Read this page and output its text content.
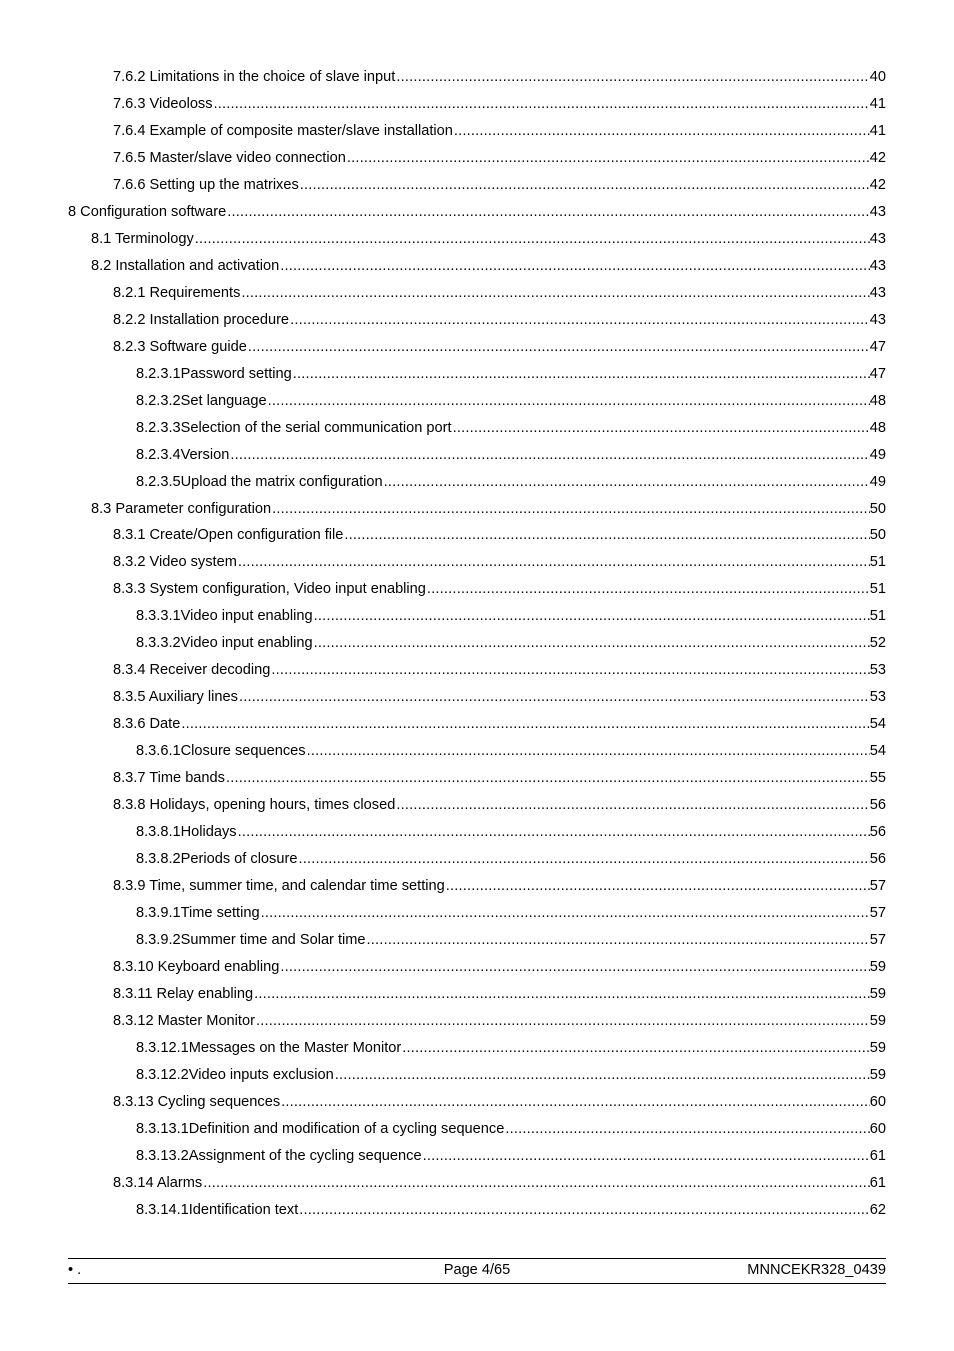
7.6.2 Limitations in the choice of slave input .....	40
7.6.3 Videoloss .....	41
7.6.4 Example of composite master/slave installation .....	41
7.6.5 Master/slave video connection .....	42
7.6.6 Setting up the matrixes .....	42
8 Configuration software .....	43
8.1 Terminology .....	43
8.2 Installation and activation .....	43
8.2.1 Requirements .....	43
8.2.2 Installation procedure .....	43
8.2.3 Software guide .....	47
8.2.3.1Password setting .....	47
8.2.3.2Set language .....	48
8.2.3.3Selection of the serial communication port .....	48
8.2.3.4Version .....	49
8.2.3.5Upload the matrix configuration .....	49
8.3 Parameter configuration .....	50
8.3.1 Create/Open configuration file .....	50
8.3.2 Video system .....	51
8.3.3 System configuration, Video input enabling .....	51
8.3.3.1Video input enabling .....	51
8.3.3.2Video input enabling .....	52
8.3.4 Receiver decoding .....	53
8.3.5 Auxiliary lines .....	53
8.3.6 Date .....	54
8.3.6.1Closure sequences .....	54
8.3.7 Time bands .....	55
8.3.8 Holidays, opening hours, times closed .....	56
8.3.8.1Holidays .....	56
8.3.8.2Periods of closure .....	56
8.3.9 Time, summer time, and calendar time setting .....	57
8.3.9.1Time setting .....	57
8.3.9.2Summer time and Solar time .....	57
8.3.10 Keyboard enabling .....	59
8.3.11 Relay enabling .....	59
8.3.12 Master Monitor .....	59
8.3.12.1Messages on the Master Monitor .....	59
8.3.12.2Video inputs exclusion .....	59
8.3.13 Cycling sequences .....	60
8.3.13.1Definition and modification of a cycling sequence .....	60
8.3.13.2Assignment of the cycling sequence .....	61
8.3.14 Alarms .....	61
8.3.14.1Identification text .....	62
• .	Page 4/65	MNNCEKR328_0439
